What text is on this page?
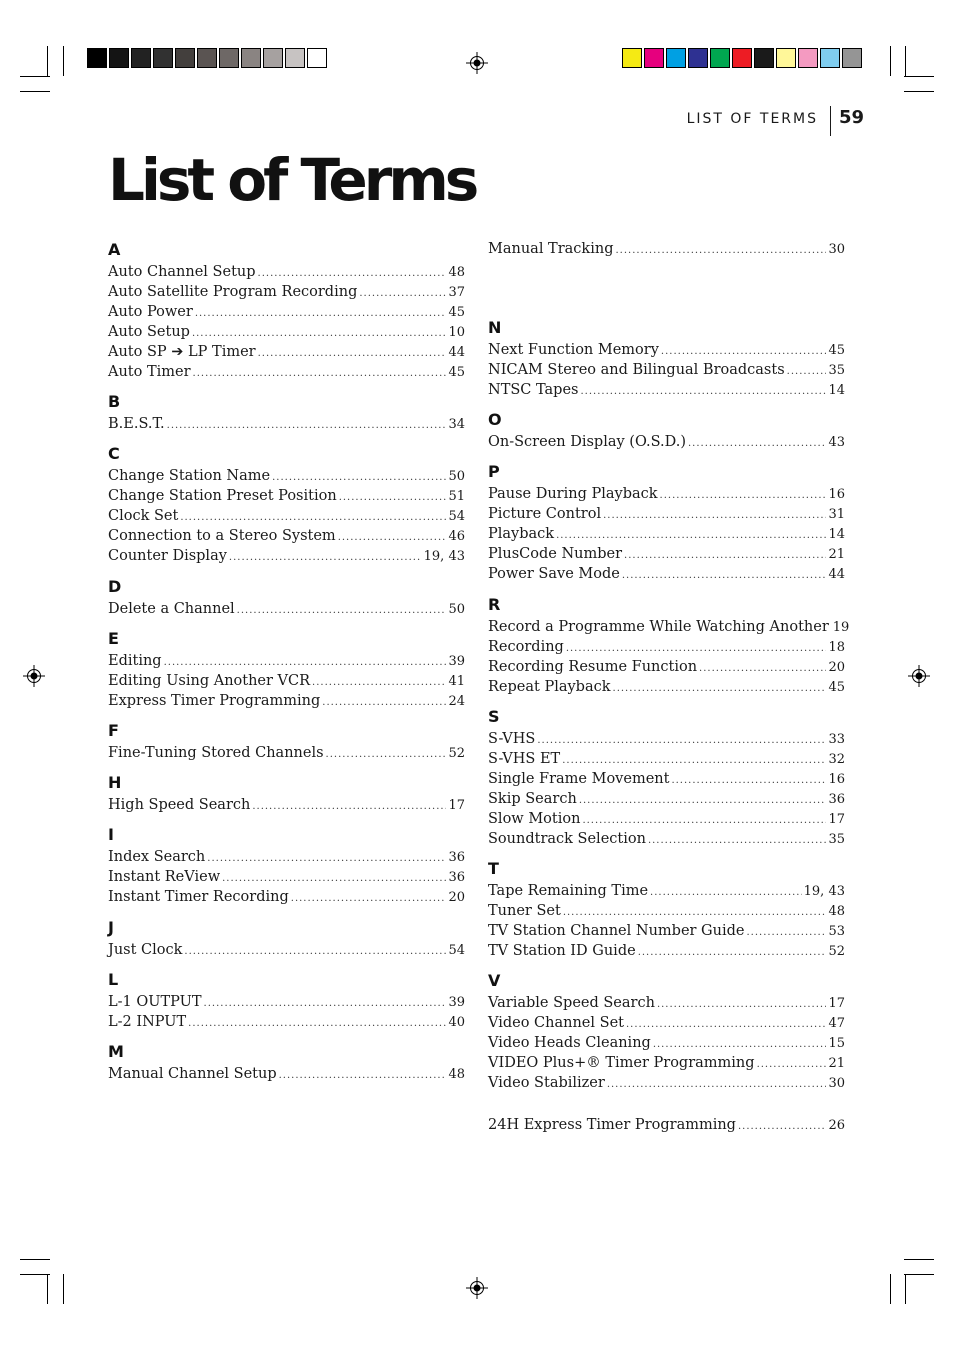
LIST OF TERMS 59
List of Terms
A
Auto Channel Setup .....	48
Auto Satellite Program Recording .....	37
Auto Power .....	45
Auto Setup .....	10
Auto SP ➔ LP Timer .....	44
Auto Timer .....	45
B
B.E.S.T. .....	34
C
Change Station Name .....	50
Change Station Preset Position .....	51
Clock Set .....	54
Connection to a Stereo System .....	46
Counter Display .....	19, 43
D
Delete a Channel .....	50
E
Editing .....	39
Editing Using Another VCR .....	41
Express Timer Programming .....	24
F
Fine-Tuning Stored Channels .....	52
H
High Speed Search .....	17
I
Index Search .....	36
Instant ReView .....	36
Instant Timer Recording .....	20
J
Just Clock .....	54
L
L-1 OUTPUT .....	39
L-2 INPUT .....	40
M
Manual Channel Setup .....	48
Manual Tracking .....	30
N
Next Function Memory .....	45
NICAM Stereo and Bilingual Broadcasts .....	35
NTSC Tapes .....	14
O
On-Screen Display (O.S.D.) .....	43
P
Pause During Playback .....	16
Picture Control .....	31
Playback .....	14
PlusCode Number .....	21
Power Save Mode .....	44
R
Record a Programme While Watching Another 19
Recording .....	18
Recording Resume Function .....	20
Repeat Playback .....	45
S
S-VHS .....	33
S-VHS ET .....	32
Single Frame Movement .....	16
Skip Search .....	36
Slow Motion .....	17
Soundtrack Selection .....	35
T
Tape Remaining Time .....	19, 43
Tuner Set .....	48
TV Station Channel Number Guide .....	53
TV Station ID Guide .....	52
V
Variable Speed Search .....	17
Video Channel Set .....	47
Video Heads Cleaning .....	15
VIDEO Plus+® Timer Programming .....	21
Video Stabilizer .....	30
24H Express Timer Programming .....	26
